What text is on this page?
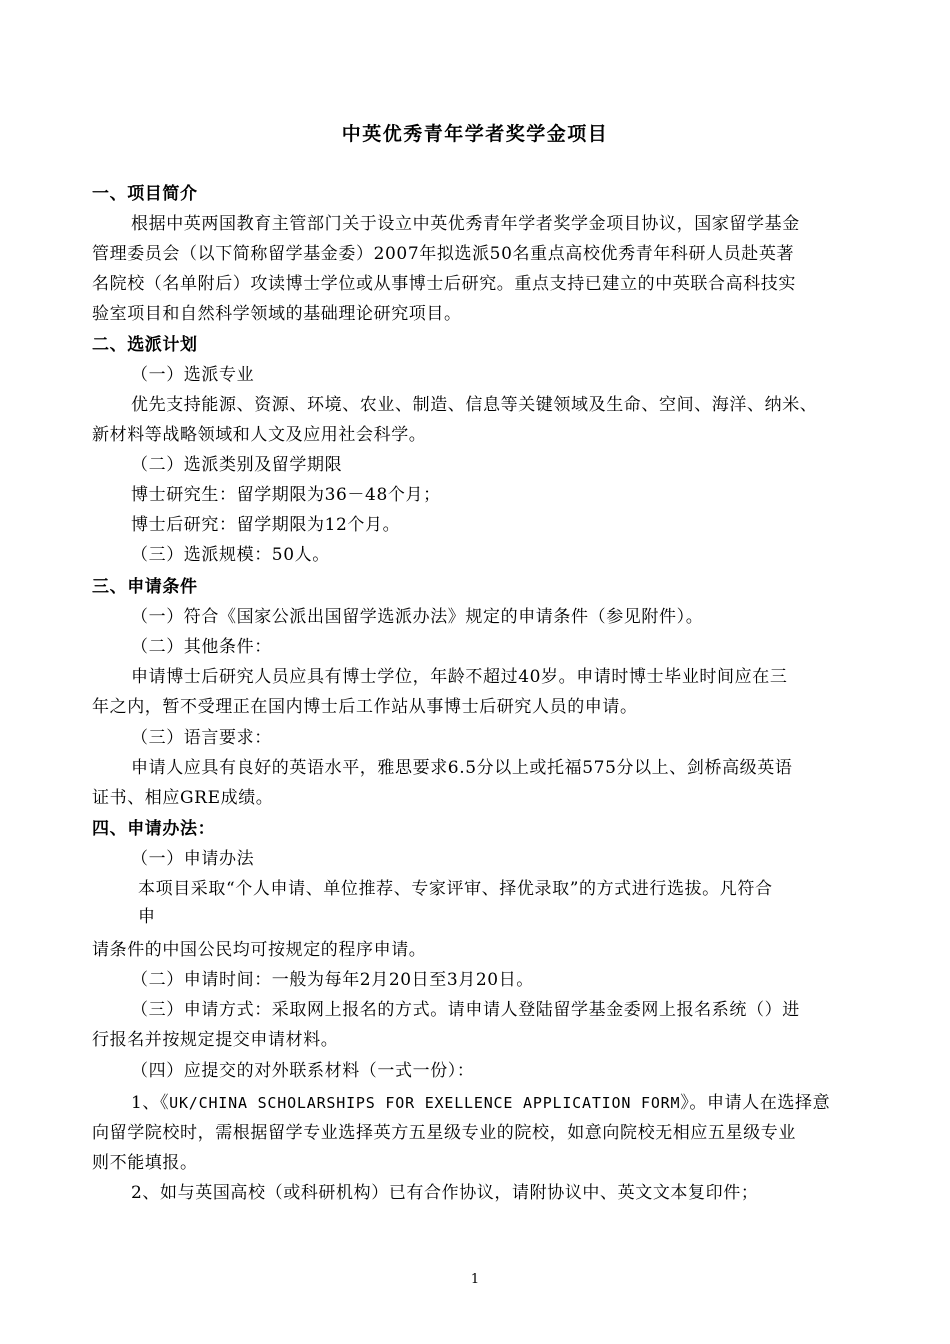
中英优秀青年学者奖学金项目
一、项目简介
根据中英两国教育主管部门关于设立中英优秀青年学者奖学金项目协议，国家留学基金
管理委员会（以下简称留学基金委）2007年拟选派50名重点高校优秀青年科研人员赴英著
名院校（名单附后）攻读博士学位或从事博士后研究。重点支持已建立的中英联合高科技实
验室项目和自然科学领域的基础理论研究项目。
二、选派计划
（一）选派专业
优先支持能源、资源、环境、农业、制造、信息等关键领域及生命、空间、海洋、纳米、
新材料等战略领域和人文及应用社会科学。
（二）选派类别及留学期限
博士研究生：留学期限为36－48个月；
博士后研究：留学期限为12个月。
（三）选派规模：50人。
三、申请条件
（一）符合《国家公派出国留学选派办法》规定的申请条件（参见附件）。
（二）其他条件：
申请博士后研究人员应具有博士学位，年龄不超过40岁。申请时博士毕业时间应在三
年之内，暂不受理正在国内博士后工作站从事博士后研究人员的申请。
（三）语言要求：
申请人应具有良好的英语水平，雅思要求6.5分以上或托福575分以上、剑桥高级英语
证书、相应GRE成绩。
四、申请办法：
（一）申请办法
本项目采取“个人申请、单位推荐、专家评审、择优录取”的方式进行选拔。凡符合
申
请条件的中国公民均可按规定的程序申请。
（二）申请时间：一般为每年2月20日至3月20日。
（三）申请方式：采取网上报名的方式。请申请人登陆留学基金委网上报名系统（）进
行报名并按规定提交申请材料。
（四）应提交的对外联系材料（一式一份）：
1、《UK/CHINA SCHOLARSHIPS FOR EXELLENCE APPLICATION FORM》。申请人在选择意
向留学院校时，需根据留学专业选择英方五星级专业的院校，如意向院校无相应五星级专业
则不能填报。
2、如与英国高校（或科研机构）已有合作协议，请附协议中、英文文本复印件；
1
